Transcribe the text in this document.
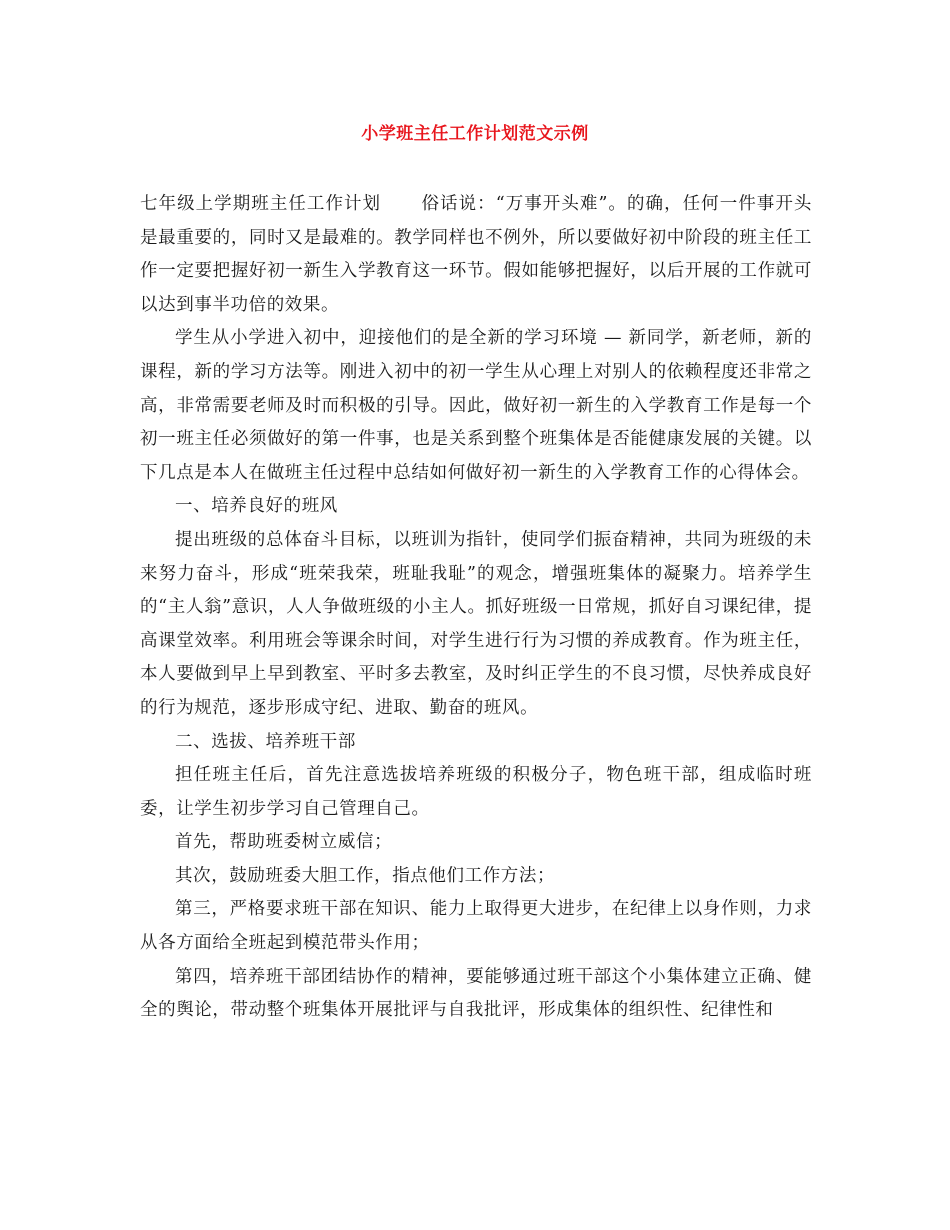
小学班主任工作计划范文示例

七年级上学期班主任工作计划 俗话说：“万事开头难”。的确，任何一件事开头是最重要的，同时又是最难的。教学同样也不例外，所以要做好初中阶段的班主任工作一定要把握好初一新生入学教育这一环节。假如能够把握好，以后开展的工作就可以达到事半功倍的效果。

学生从小学进入初中，迎接他们的是全新的学习环境 — 新同学，新老师，新的课程，新的学习方法等。刚进入初中的初一学生从心理上对别人的依赖程度还非常之高，非常需要老师及时而积极的引导。因此，做好初一新生的入学教育工作是每一个初一班主任必须做好的第一件事，也是关系到整个班集体是否能健康发展的关键。以下几点是本人在做班主任过程中总结如何做好初一新生的入学教育工作的心得体会。

一、培养良好的班风

提出班级的总体奋斗目标，以班训为指针，使同学们振奋精神，共同为班级的未来努力奋斗，形成“班荣我荣，班耻我耻”的观念，增强班集体的凝聚力。培养学生的“主人翁”意识，人人争做班级的小主人。抓好班级一日常规，抓好自习课纪律，提高课堂效率。利用班会等课余时间，对学生进行行为习惯的养成教育。作为班主任，本人要做到早上早到教室、平时多去教室，及时纠正学生的不良习惯，尽快养成良好的行为规范，逐步形成守纪、进取、勤奋的班风。

二、选拔、培养班干部

担任班主任后，首先注意选拔培养班级的积极分子，物色班干部，组成临时班委，让学生初步学习自己管理自己。

首先，帮助班委树立威信；

其次，鼓励班委大胆工作，指点他们工作方法；

第三，严格要求班干部在知识、能力上取得更大进步，在纪律上以身作则，力求从各方面给全班起到模范带头作用；

第四，培养班干部团结协作的精神，要能够通过班干部这个小集体建立正确、健全的舆论，带动整个班集体开展批评与自我批评，形成集体的组织性、纪律性和
